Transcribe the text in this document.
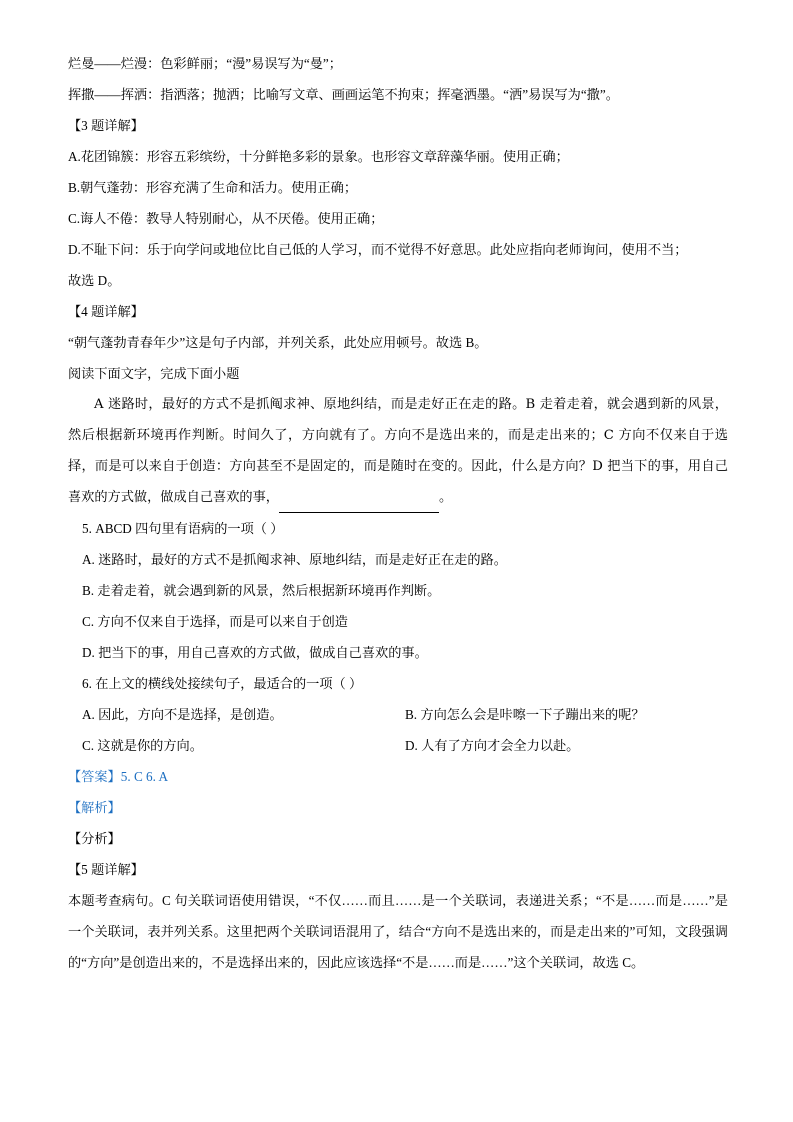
烂曼——烂漫：色彩鲜丽；“漫”易误写为“曼”；

挥撒——挥洒：指洒落；抛洒；比喻写文章、画画运笔不拘束；挥毫洒墨。“洒”易误写为“撒”。

【3 题详解】

A.花团锦簇：形容五彩缤纷，十分鲜艳多彩的景象。也形容文章辞藻华丽。使用正确；

B.朝气蓬勃：形容充满了生命和活力。使用正确；

C.诲人不倦：教导人特别耐心，从不厌倦。使用正确；

D.不耻下问：乐于向学问或地位比自己低的人学习，而不觉得不好意思。此处应指向老师询问，使用不当；

故选 D。

【4 题详解】

“朝气蓬勃青春年少”这是句子内部，并列关系，此处应用顿号。故选 B。

阅读下面文字，完成下面小题

A 迷路时，最好的方式不是抓阄求神、原地纠结，而是走好正在走的路。B 走着走着，就会遇到新的风景，然后根据新环境再作判断。时间久了，方向就有了。方向不是选出来的，而是走出来的；C 方向不仅来自于选择，而是可以来自于创造：方向甚至不是固定的，而是随时在变的。因此，什么是方向？D 把当下的事，用自己喜欢的方式做，做成自己喜欢的事，	。

5. ABCD 四句里有语病的一项（ ）

A. 迷路时，最好的方式不是抓阄求神、原地纠结，而是走好正在走的路。

B. 走着走着，就会遇到新的风景，然后根据新环境再作判断。

C. 方向不仅来自于选择，而是可以来自于创造

D. 把当下的事，用自己喜欢的方式做，做成自己喜欢的事。

6. 在上文的横线处接续句子，最适合的一项（ ）

A. 因此，方向不是选择，是创造。	B. 方向怎么会是咔嚓一下子蹦出来的呢？
C. 这就是你的方向。	D. 人有了方向才会全力以赴。

【答案】5. C 6. A

【解析】

【分析】

【5 题详解】

本题考查病句。C 句关联词语使用错误，“不仅……而且……是一个关联词，表递进关系；“不是……而是……”是一个关联词，表并列关系。这里把两个关联词语混用了，结合“方向不是选出来的，而是走出来的”可知，文段强调的“方向”是创造出来的，不是选择出来的，因此应该选择“不是……而是……”这个关联词，故选 C。
